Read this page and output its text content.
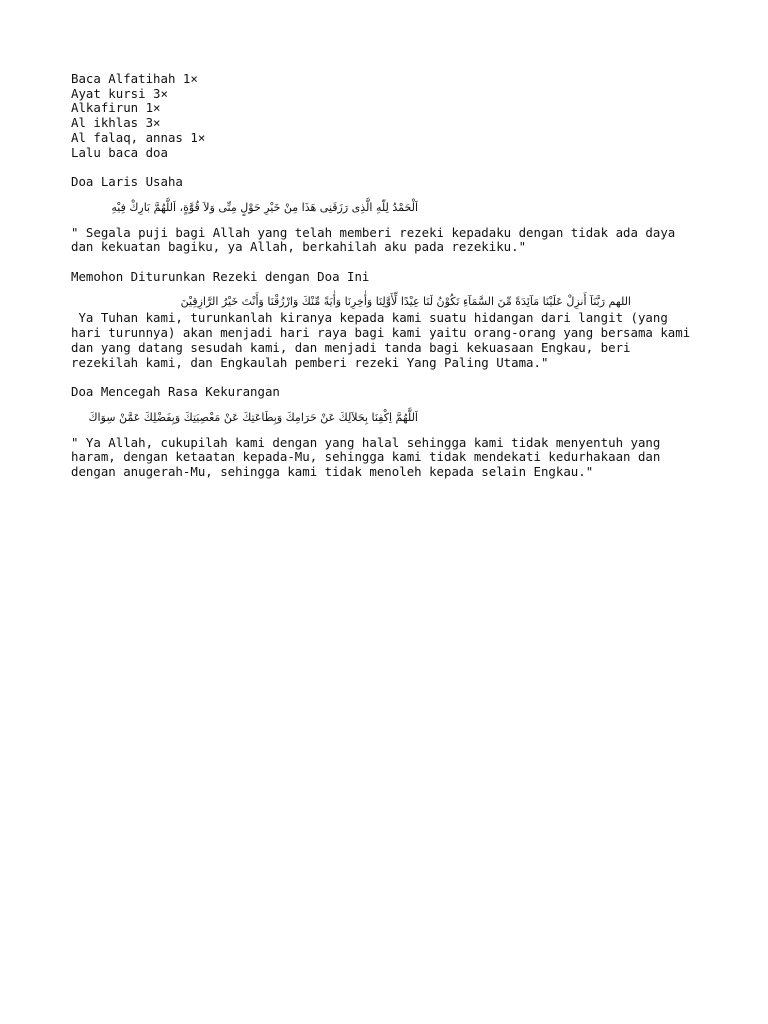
Baca Alfatihah 1×
Ayat kursi 3×
Alkafirun 1×
Al ikhlas 3×
Al falaq, annas 1×
Lalu baca doa
Doa Laris Usaha
اَلْحَمْدُ لِلّهِ الَّذِى رَزَقَنِى هَذَا مِنْ خَيْرِ حَوْلٍ مِنِّى وَلاَ قُوَّةٍ، اَللَّهُمَّ بَارِكْ فِيْهِ
" Segala puji bagi Allah yang telah memberi rezeki kepadaku dengan tidak ada daya
dan kekuatan bagiku, ya Allah, berkahilah aku pada rezekiku."
Memohon Diturunkan Rezeki dengan Doa Ini
اللهم رَبَّنَآ أَنزِلْ عَلَيْنَا مَآئِدَةً مِّنَ السَّمَآءِ تَكُوْنُ لَنَا عِيْدًا لِّأَوَّلِنَا وَأٰخِرِنَا وَأٰيَةً مِّنْكَ وَارْزُقْنَا وَأَنْتَ خَيْرُ الرَّازِقِيْنَ
Ya Tuhan kami, turunkanlah kiranya kepada kami suatu hidangan dari langit (yang
hari turunnya) akan menjadi hari raya bagi kami yaitu orang-orang yang bersama kami
dan yang datang sesudah kami, dan menjadi tanda bagi kekuasaan Engkau, beri
rezekilah kami, dan Engkaulah pemberi rezeki Yang Paling Utama."
Doa Mencegah Rasa Kekurangan
اَللَّهُمَّ اِكْفِنَا بِحَلاَلِكَ عَنْ حَرَامِكَ وَبِطَاعَتِكَ عَنْ مَعْصِيَتِكَ وَبِفَضْلِكَ عَمَّنْ سِوَاكَ
" Ya Allah, cukupilah kami dengan yang halal sehingga kami tidak menyentuh yang
haram, dengan ketaatan kepada-Mu, sehingga kami tidak mendekati kedurhakaan dan
dengan anugerah-Mu, sehingga kami tidak menoleh kepada selain Engkau."
